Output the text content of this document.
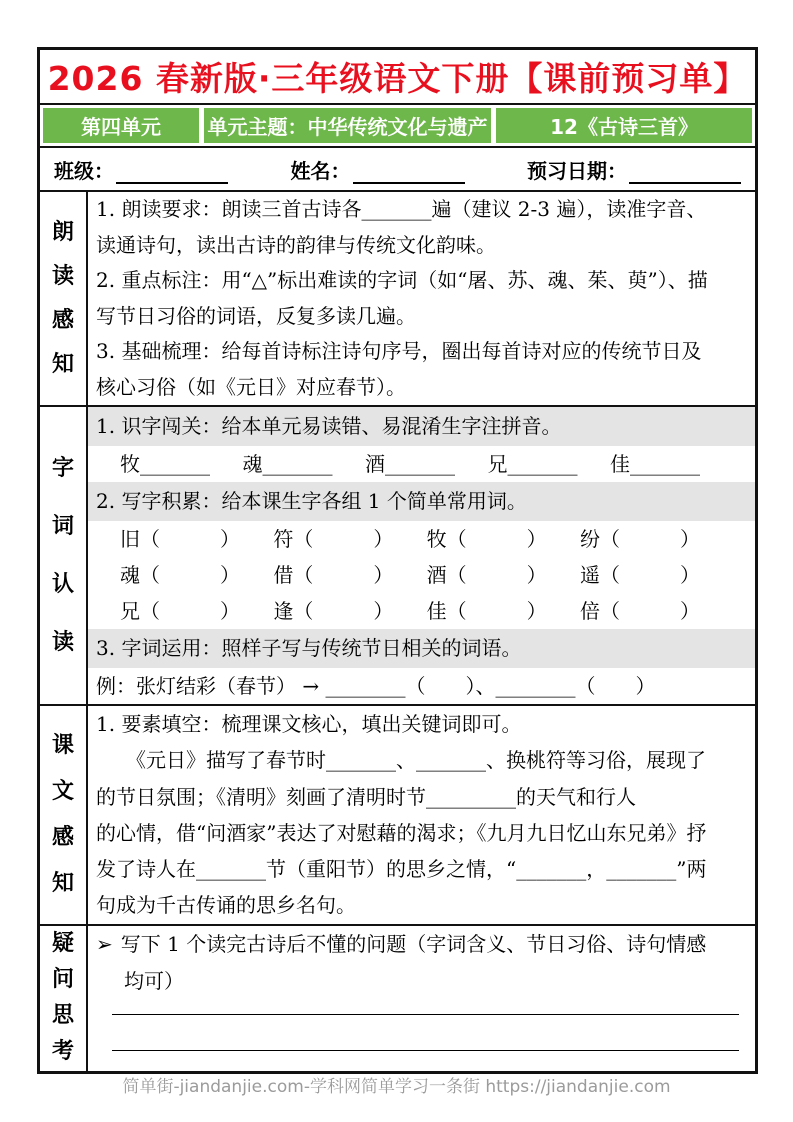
2026 春新版·三年级语文下册【课前预习单】
第四单元	单元主题：中华传统文化与遗产	12《古诗三首》
班级：	姓名：	预习日期：
朗读感知
1. 朗读要求：朗读三首古诗各_______遍（建议 2-3 遍），读准字音、
读通诗句，读出古诗的韵律与传统文化韵味。
2. 重点标注：用“△”标出难读的字词（如“屠、苏、魂、茱、萸”）、描
写节日习俗的词语，反复多读几遍。
3. 基础梳理：给每首诗标注诗句序号，圈出每首诗对应的传统节日及
核心习俗（如《元日》对应春节）。
字词认读
1. 识字闯关：给本单元易读错、易混淆生字注拼音。
牧_______ 魂_______ 酒_______ 兄_______ 佳_______
2. 写字积累：给本课生字各组 1 个简单常用词。
旧（　　　） 符（　　　） 牧（　　　） 纷（　　　）
魂（　　　） 借（　　　） 酒（　　　） 遥（　　　）
兄（　　　） 逢（　　　） 佳（　　　） 倍（　　　）
3. 字词运用：照样子写与传统节日相关的词语。
例：张灯结彩（春节） → ________（　　）、________（　　）
课文感知
1. 要素填空：梳理课文核心，填出关键词即可。
　　《元日》描写了春节时_______、_______、换桃符等习俗，展现了
的节日氛围；《清明》刻画了清明时节_________的天气和行人
的心情，借“问酒家”表达了对慰藉的渴求；《九月九日忆山东兄弟》抒
发了诗人在_______节（重阳节）的思乡之情，“_______，_______”两
句成为千古传诵的思乡名句。
疑问思考
➢ 写下 1 个读完古诗后不懂的问题（字词含义、节日习俗、诗句情感
均可）
简单街-jiandanjie.com-学科网简单学习一条街 https://jiandanjie.com
